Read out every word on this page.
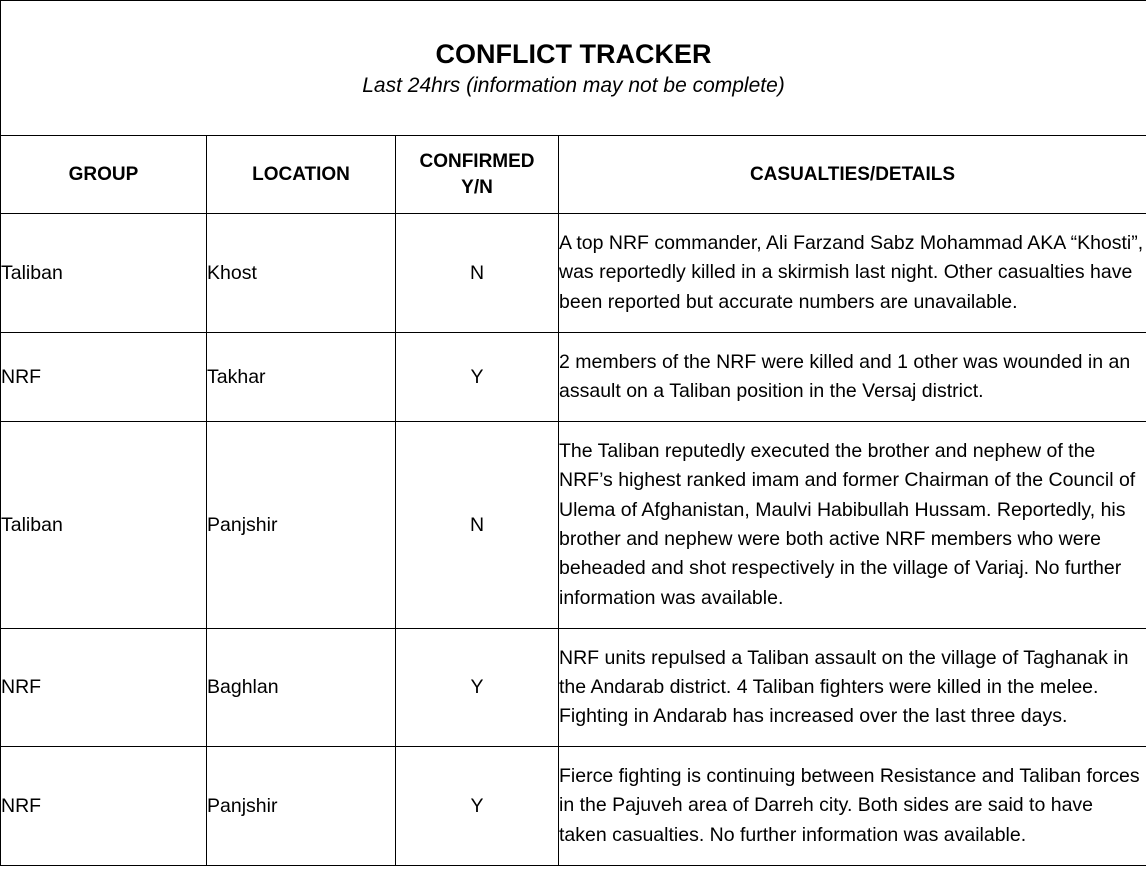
CONFLICT TRACKER
Last 24hrs (information may not be complete)			

GROUP	LOCATION	CONFIRMED Y/N	CASUALTIES/DETAILS
Taliban	Khost	N	A top NRF commander, Ali Farzand Sabz Mohammad AKA “Khosti”, was reportedly killed in a skirmish last night. Other casualties have been reported but accurate numbers are unavailable.
NRF	Takhar	Y	2 members of the NRF were killed and 1 other was wounded in an assault on a Taliban position in the Versaj district.
Taliban	Panjshir	N	The Taliban reputedly executed the brother and nephew of the NRF’s highest ranked imam and former Chairman of the Council of Ulema of Afghanistan, Maulvi Habibullah Hussam. Reportedly, his brother and nephew were both active NRF members who were beheaded and shot respectively in the village of Variaj. No further information was available.
NRF	Baghlan	Y	NRF units repulsed a Taliban assault on the village of Taghanak in the Andarab district. 4 Taliban fighters were killed in the melee. Fighting in Andarab has increased over the last three days.
NRF	Panjshir	Y	Fierce fighting is continuing between Resistance and Taliban forces in the Pajuveh area of Darreh city. Both sides are said to have taken casualties. No further information was available.
